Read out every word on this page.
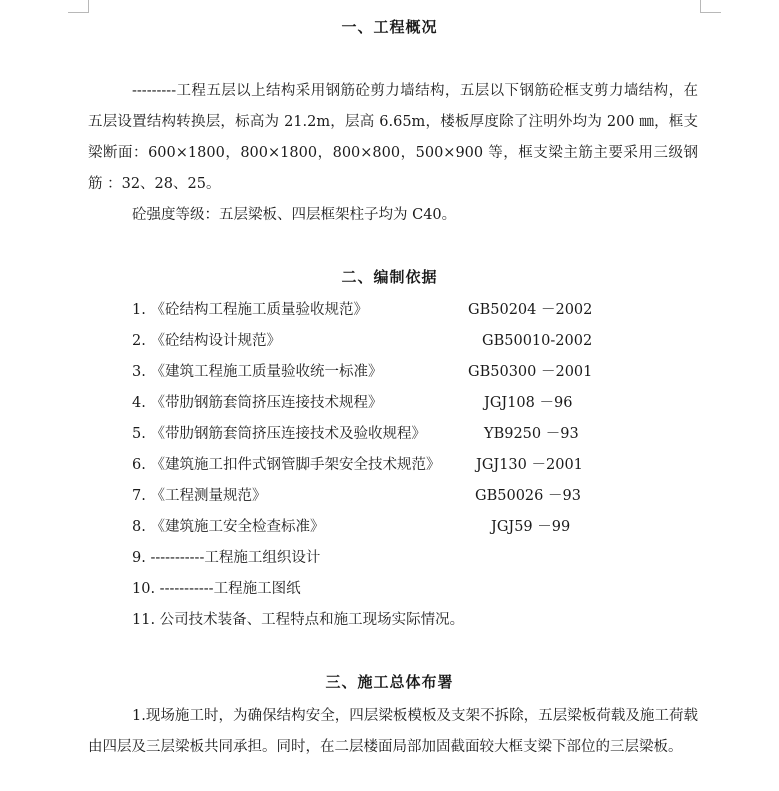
一、工程概况
---------工程五层以上结构采用钢筋砼剪力墙结构，五层以下钢筋砼框支剪力墙结构，在五层设置结构转换层，标高为 21.2m，层高 6.65m，楼板厚度除了注明外均为 200 ㎜，框支梁断面：600×1800，800×1800，800×800，500×900 等，框支梁主筋主要采用三级钢筋 ：32、28、25。
砼强度等级：五层梁板、四层框架柱子均为 C40。
二、编制依据
1. 《砼结构工程施工质量验收规范》	GB50204 －2002
2. 《砼结构设计规范》	GB50010-2002
3. 《建筑工程施工质量验收统一标准》	GB50300 －2001
4. 《带肋钢筋套筒挤压连接技术规程》	JGJ108 －96
5. 《带肋钢筋套筒挤压连接技术及验收规程》	YB9250 －93
6. 《建筑施工扣件式钢管脚手架安全技术规范》 JGJ130 －2001
7. 《工程测量规范》	GB50026 －93
8. 《建筑施工安全检查标准》	JGJ59 －99
9. -----------工程施工组织设计
10. -----------工程施工图纸
11. 公司技术装备、工程特点和施工现场实际情况。
三、施工总体布署
1.现场施工时，为确保结构安全，四层梁板模板及支架不拆除，五层梁板荷载及施工荷载由四层及三层梁板共同承担。同时，在二层楼面局部加固截面较大框支梁下部位的三层梁板。
